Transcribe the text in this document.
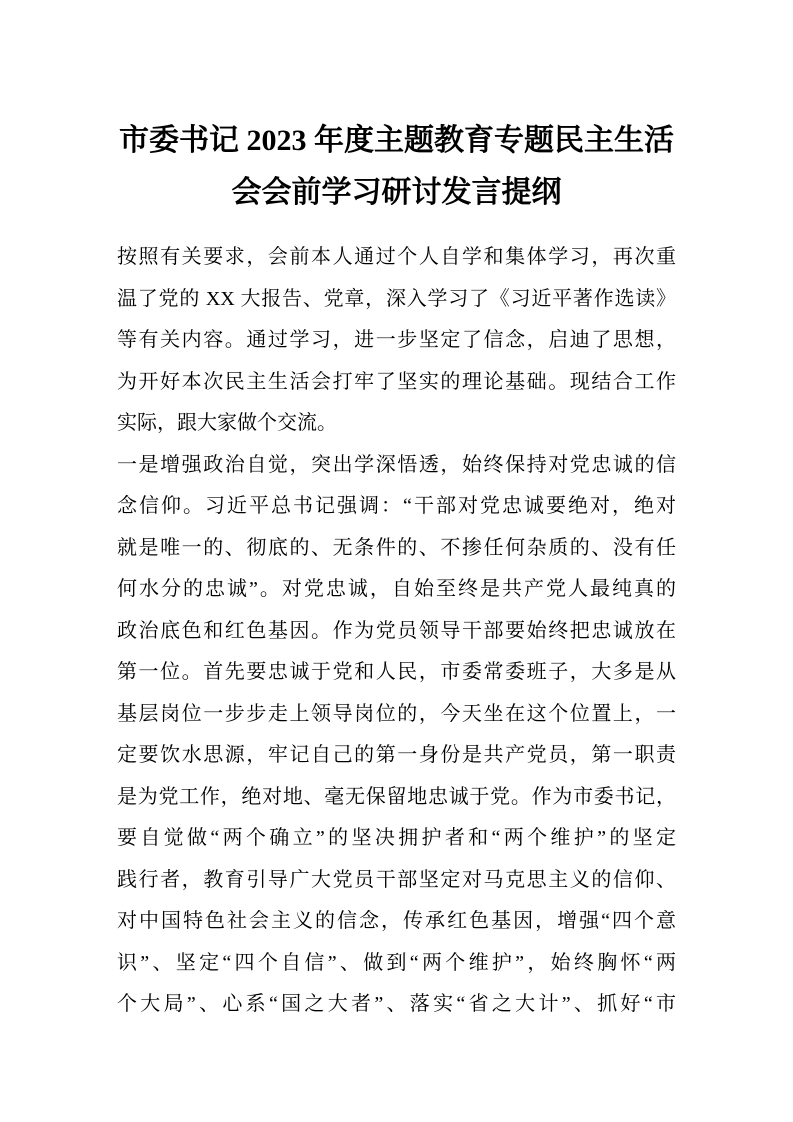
市委书记 2023 年度主题教育专题民主生活
会会前学习研讨发言提纲
按照有关要求，会前本人通过个人自学和集体学习，再次重
温了党的 XX 大报告、党章，深入学习了《习近平著作选读》
等有关内容。通过学习，进一步坚定了信念，启迪了思想，
为开好本次民主生活会打牢了坚实的理论基础。现结合工作
实际，跟大家做个交流。
一是增强政治自觉，突出学深悟透，始终保持对党忠诚的信
念信仰。习近平总书记强调：“干部对党忠诚要绝对，绝对
就是唯一的、彻底的、无条件的、不掺任何杂质的、没有任
何水分的忠诚”。对党忠诚，自始至终是共产党人最纯真的
政治底色和红色基因。作为党员领导干部要始终把忠诚放在
第一位。首先要忠诚于党和人民，市委常委班子，大多是从
基层岗位一步步走上领导岗位的，今天坐在这个位置上，一
定要饮水思源，牢记自己的第一身份是共产党员，第一职责
是为党工作，绝对地、毫无保留地忠诚于党。作为市委书记，
要自觉做“两个确立”的坚决拥护者和“两个维护”的坚定
践行者，教育引导广大党员干部坚定对马克思主义的信仰、
对中国特色社会主义的信念，传承红色基因，增强“四个意
识”、坚定“四个自信”、做到“两个维护”，始终胸怀“两
个大局”、心系“国之大者”、落实“省之大计”、抓好“市
